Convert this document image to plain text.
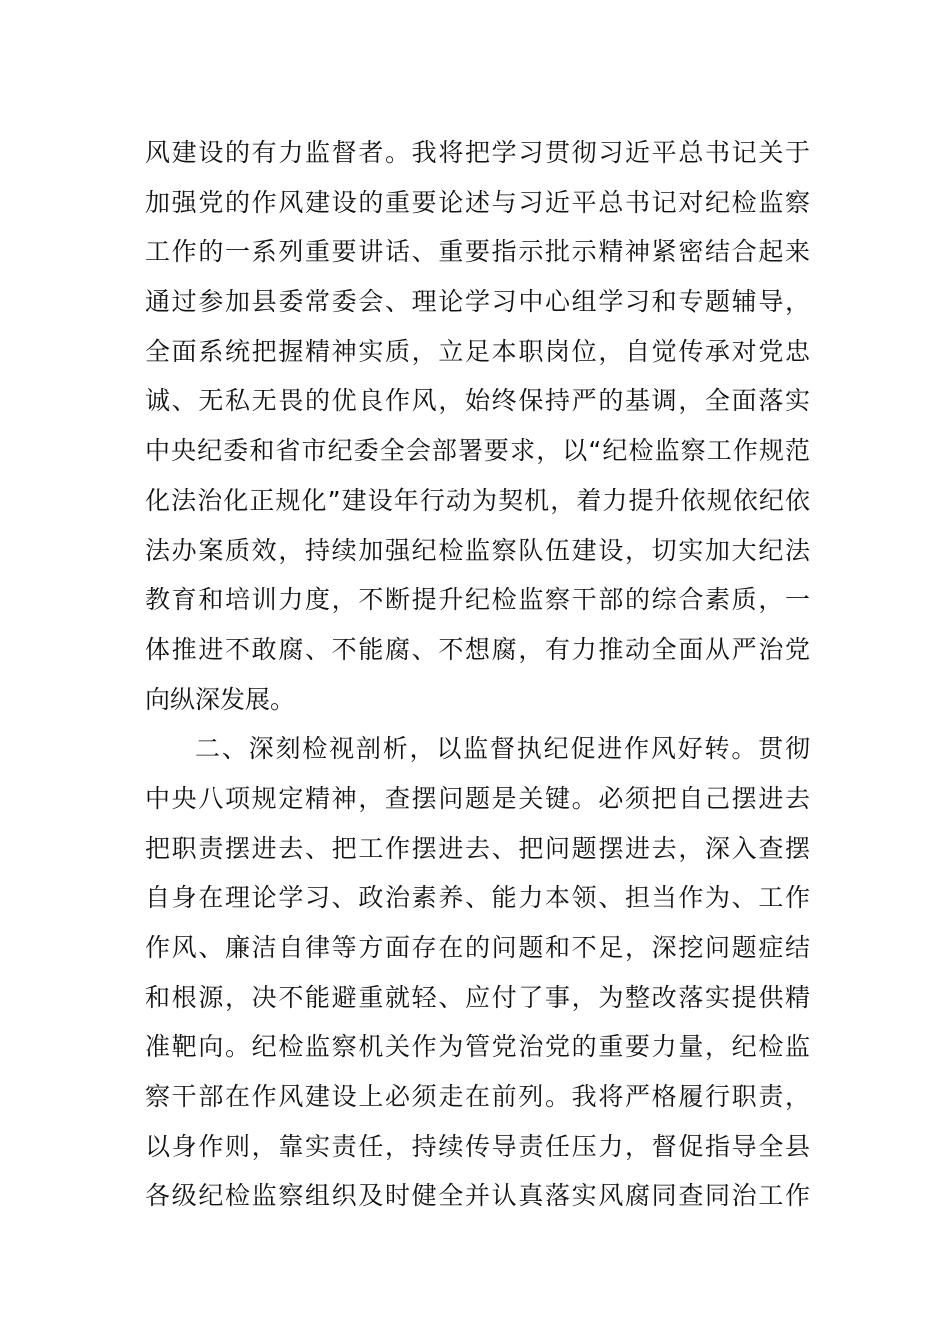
风建设的有力监督者。我将把学习贯彻习近平总书记关于
加强党的作风建设的重要论述与习近平总书记对纪检监察
工作的一系列重要讲话、重要指示批示精神紧密结合起来
通过参加县委常委会、理论学习中心组学习和专题辅导，
全面系统把握精神实质，立足本职岗位，自觉传承对党忠
诚、无私无畏的优良作风，始终保持严的基调，全面落实
中央纪委和省市纪委全会部署要求，以“纪检监察工作规范
化法治化正规化”建设年行动为契机，着力提升依规依纪依
法办案质效，持续加强纪检监察队伍建设，切实加大纪法
教育和培训力度，不断提升纪检监察干部的综合素质，一
体推进不敢腐、不能腐、不想腐，有力推动全面从严治党
向纵深发展。
二、深刻检视剖析，以监督执纪促进作风好转。贯彻
中央八项规定精神，查摆问题是关键。必须把自己摆进去
把职责摆进去、把工作摆进去、把问题摆进去，深入查摆
自身在理论学习、政治素养、能力本领、担当作为、工作
作风、廉洁自律等方面存在的问题和不足，深挖问题症结
和根源，决不能避重就轻、应付了事，为整改落实提供精
准靶向。纪检监察机关作为管党治党的重要力量，纪检监
察干部在作风建设上必须走在前列。我将严格履行职责，
以身作则，靠实责任，持续传导责任压力，督促指导全县
各级纪检监察组织及时健全并认真落实风腐同查同治工作
